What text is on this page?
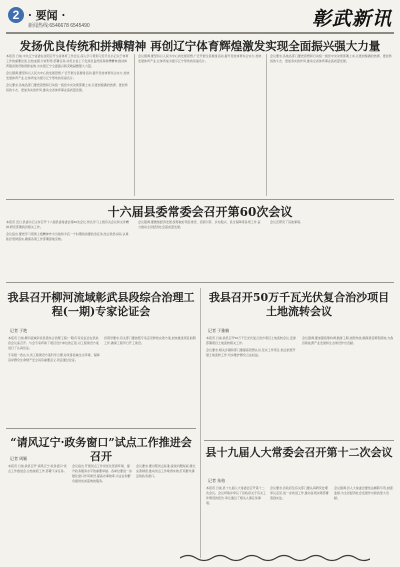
2 · 要闻 ·
新闻热线:6546678 6545490	彰武新讯
发扬优良传统和拼搏精神 再创辽宁体育辉煌激发实现全面振兴强大力量

本报讯 日前,中共辽宁省委在沈阳召开全省体育工作会议,深入学习贯彻习近平总书记关于体育工作的重要论述,总结成绩,分析形势,部署任务,动员全省上下发扬优良传统和拼搏精神,推动体育强省建设取得新成效,为实现辽宁全面振兴新突破凝聚强大力量。

会议强调,要坚持以人民为中心的发展思想,广泛开展全民健身活动,提升竞技体育综合实力,加快发展体育产业,让体育成为展示辽宁形象的亮丽名片。

会议要求,各地各部门要把思想和行动统一到党中央决策部署上来,以更加饱满的热情、更加昂扬的斗志、更加务实的作风,推动全省体育事业高质量发展。

会议强调,要坚持以人民为中心的发展思想,广泛开展全民健身活动,提升竞技体育综合实力,加快发展体育产业,让体育成为展示辽宁形象的亮丽名片。

会议要求,各地各部门要把思想和行动统一到党中央决策部署上来,以更加饱满的热情、更加昂扬的斗志、更加务实的作风,推动全省体育事业高质量发展。

十六届县委常委会召开第60次会议

本报讯 近日,县委书记主持召开十六届县委常委会第60次会议,传达学习上级有关会议和文件精神,研究部署我县相关工作。

会议指出,要把学习贯彻上级精神作为当前和今后一个时期的首要政治任务,结合我县实际,认真抓好贯彻落实,确保各项工作部署落地见效。

会议强调,要聚焦经济发展,统筹做好项目建设、招商引资、乡村振兴、民生保障等各项工作,奋力推动全县经济社会高质量发展。

会议还研究了其他事项。

我县召开柳河流域彰武县段综合治理工程(一期)专家论证会
记者 于艳

本报讯 日前,柳河流域彰武县段综合治理工程(一期)专家论证会在县政府会议室召开。与会专家听取了项目设计单位的汇报,对工程建设方案进行了认真论证。

专家组一致认为,该工程建设方案科学合理,对改善流域生态环境、保障沿岸群众生命财产安全具有重要意义,同意通过论证。

县领导要求,有关部门要按照专家意见修改完善方案,加快推进项目前期工作,确保工程早日开工建设。

“请风辽宁·政务窗口”试点工作推进会召开
记者 周颖

本报讯 日前,我县召开“请风辽宁·政务窗口”试点工作推进会,总结前段工作,部署下步任务。

会议指出,开展试点工作是优化营商环境、提升政务服务水平的重要举措。各单位要进一步强化窗口作风建设,提高办事效率,为企业和群众提供优质高效的服务。

会议要求,要对照试点标准,查找问题短板,健全完善制度,推动试点工作取得实效,打造群众满意的政务窗口。

我县召开50万千瓦光伏复合治沙项目土地流转会议
记者 于雅楠

本报讯 日前,我县召开50万千瓦光伏复合治沙项目土地流转会议,安排部署项目土地流转相关工作。

会议要求,相关乡镇和部门要提高思想认识,压实工作责任,依法依规开展土地流转工作,切实维护群众合法权益。

会议强调,要加强统筹协调,倒排工期,挂图作战,确保项目顺利落地,为我县新能源产业发展和生态建设作出贡献。

县十九届人大常委会召开第十二次会议
记者 朱柏

本报讯 日前,县十九届人大常委会召开第十二次会议。会议听取并审议了县政府关于有关工作情况的报告,审议通过了相关人事任免事项。

会议要求,县政府及有关部门要认真研究处理审议意见,进一步改进工作,推动各项决策部署落到实处。

会议强调,县人大常委会要依法履职尽责,加强监督,为全县经济社会发展作出新的更大贡献。
